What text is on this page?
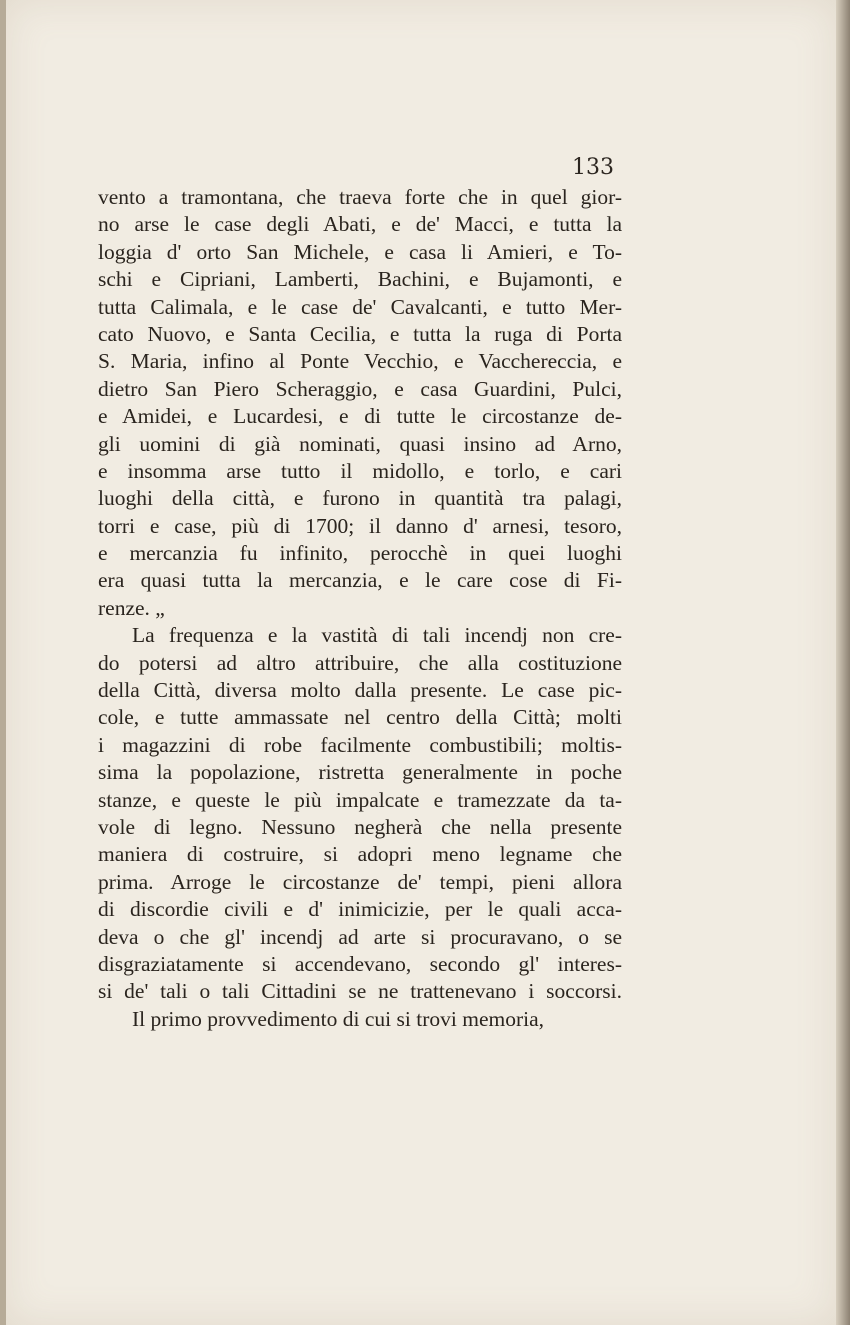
133
vento a tramontana, che traeva forte che in quel gior-
no arse le case degli Abati, e de' Macci, e tutta la
loggia d' orto San Michele, e casa li Amieri, e To-
schi e Cipriani, Lamberti, Bachini, e Bujamonti, e
tutta Calimala, e le case de' Cavalcanti, e tutto Mer-
cato Nuovo, e Santa Cecilia, e tutta la ruga di Porta
S. Maria, infino al Ponte Vecchio, e Vacchereccia, e
dietro San Piero Scheraggio, e casa Guardini, Pulci,
e Amidei, e Lucardesi, e di tutte le circostanze de-
gli uomini di già nominati, quasi insino ad Arno,
e insomma arse tutto il midollo, e torlo, e cari
luoghi della città, e furono in quantità tra palagi,
torri e case, più di 1700; il danno d' arnesi, tesoro,
e mercanzia fu infinito, perocchè in quei luoghi
era quasi tutta la mercanzia, e le care cose di Fi-
renze. „
La frequenza e la vastità di tali incendj non cre-
do potersi ad altro attribuire, che alla costituzione
della Città, diversa molto dalla presente. Le case pic-
cole, e tutte ammassate nel centro della Città; molti
i magazzini di robe facilmente combustibili; moltis-
sima la popolazione, ristretta generalmente in poche
stanze, e queste le più impalcate e tramezzate da ta-
vole di legno. Nessuno negherà che nella presente
maniera di costruire, si adopri meno legname che
prima. Arroge le circostanze de' tempi, pieni allora
di discordie civili e d' inimicizie, per le quali acca-
deva o che gl' incendj ad arte si procuravano, o se
disgraziatamente si accendevano, secondo gl' interes-
si de' tali o tali Cittadini se ne trattenevano i soccorsi.
Il primo provvedimento di cui si trovi memoria,
